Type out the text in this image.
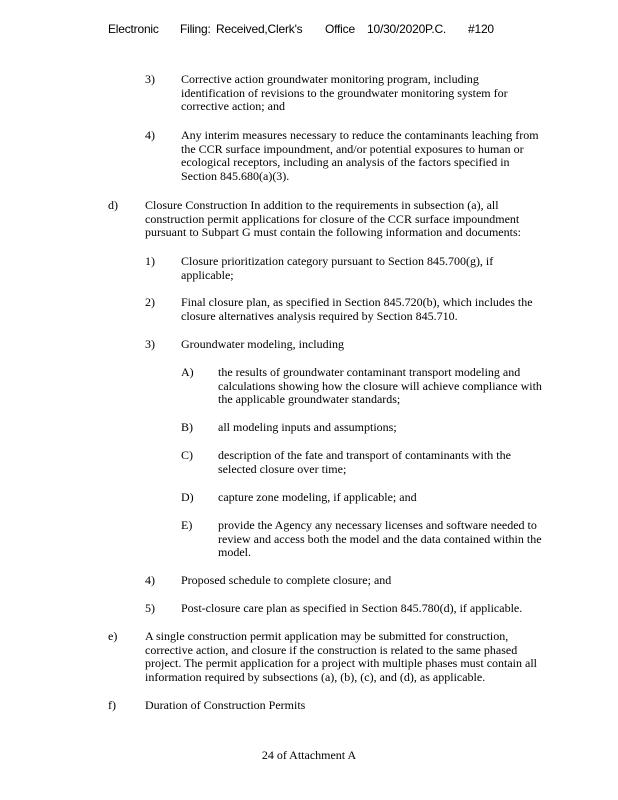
Electronic Filing: Received,Clerk's Office 10/30/2020P.C. #120
3) Corrective action groundwater monitoring program, including
identification of revisions to the groundwater monitoring system for
corrective action; and
4) Any interim measures necessary to reduce the contaminants leaching from
the CCR surface impoundment, and/or potential exposures to human or
ecological receptors, including an analysis of the factors specified in
Section 845.680(a)(3).
d) Closure Construction In addition to the requirements in subsection (a), all
construction permit applications for closure of the CCR surface impoundment
pursuant to Subpart G must contain the following information and documents:
1) Closure prioritization category pursuant to Section 845.700(g), if
applicable;
2) Final closure plan, as specified in Section 845.720(b), which includes the
closure alternatives analysis required by Section 845.710.
3) Groundwater modeling, including
A) the results of groundwater contaminant transport modeling and
calculations showing how the closure will achieve compliance with
the applicable groundwater standards;
B) all modeling inputs and assumptions;
C) description of the fate and transport of contaminants with the
selected closure over time;
D) capture zone modeling, if applicable; and
E) provide the Agency any necessary licenses and software needed to
review and access both the model and the data contained within the
model.
4) Proposed schedule to complete closure; and
5) Post-closure care plan as specified in Section 845.780(d), if applicable.
e) A single construction permit application may be submitted for construction,
corrective action, and closure if the construction is related to the same phased
project. The permit application for a project with multiple phases must contain all
information required by subsections (a), (b), (c), and (d), as applicable.
f) Duration of Construction Permits
24 of Attachment A
